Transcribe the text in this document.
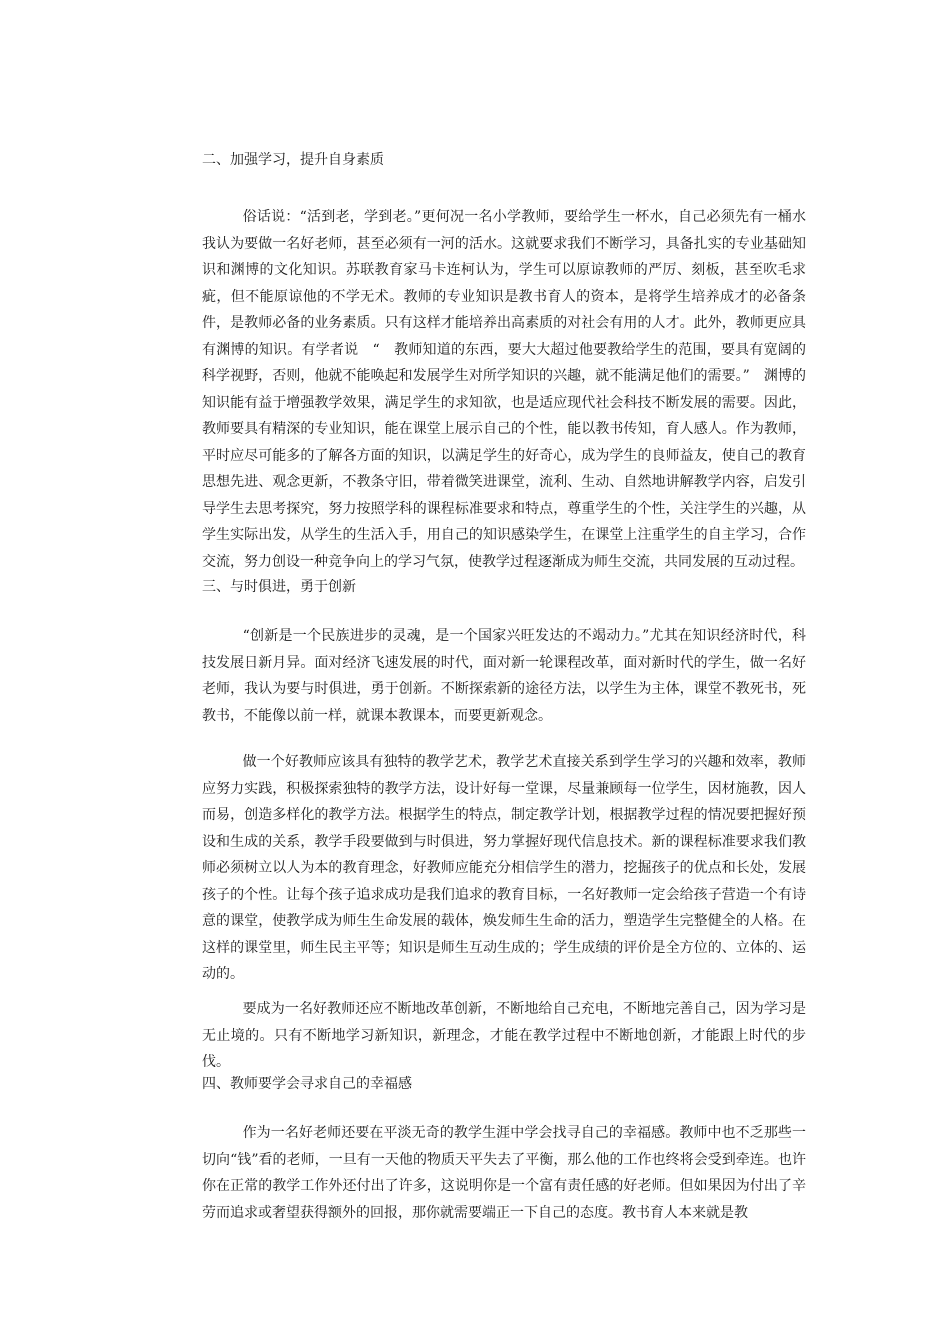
二、加强学习，提升自身素质

俗话说：“活到老，学到老。”更何况一名小学教师，要给学生一杯水，自己必须先有一桶水我认为要做一名好老师，甚至必须有一河的活水。这就要求我们不断学习，具备扎实的专业基础知识和渊博的文化知识。苏联教育家马卡连柯认为，学生可以原谅教师的严厉、刻板，甚至吹毛求疵，但不能原谅他的不学无术。教师的专业知识是教书育人的资本，是将学生培养成才的必备条件，是教师必备的业务素质。只有这样才能培养出高素质的对社会有用的人才。此外，教师更应具有渊博的知识。有学者说　“　教师知道的东西，要大大超过他要教给学生的范围，要具有宽阔的科学视野，否则，他就不能唤起和发展学生对所学知识的兴趣，就不能满足他们的需要。”　渊博的知识能有益于增强教学效果，满足学生的求知欲，也是适应现代社会科技不断发展的需要。因此，教师要具有精深的专业知识，能在课堂上展示自己的个性，能以教书传知，育人感人。作为教师，平时应尽可能多的了解各方面的知识，以满足学生的好奇心，成为学生的良师益友，使自己的教育思想先进、观念更新，不教条守旧，带着微笑进课堂，流利、生动、自然地讲解教学内容，启发引导学生去思考探究，努力按照学科的课程标准要求和特点，尊重学生的个性，关注学生的兴趣，从学生实际出发，从学生的生活入手，用自己的知识感染学生，在课堂上注重学生的自主学习，合作交流，努力创设一种竞争向上的学习气氛，使教学过程逐渐成为师生交流，共同发展的互动过程。

三、与时俱进，勇于创新

“创新是一个民族进步的灵魂，是一个国家兴旺发达的不竭动力。”尤其在知识经济时代，科技发展日新月异。面对经济飞速发展的时代，面对新一轮课程改革，面对新时代的学生，做一名好老师，我认为要与时俱进，勇于创新。不断探索新的途径方法，以学生为主体，课堂不教死书，死教书，不能像以前一样，就课本教课本，而要更新观念。

做一个好教师应该具有独特的教学艺术，教学艺术直接关系到学生学习的兴趣和效率，教师应努力实践，积极探索独特的教学方法，设计好每一堂课，尽量兼顾每一位学生，因材施教，因人而易，创造多样化的教学方法。根据学生的特点，制定教学计划，根据教学过程的情况要把握好预设和生成的关系，教学手段要做到与时俱进，努力掌握好现代信息技术。新的课程标准要求我们教师必须树立以人为本的教育理念，好教师应能充分相信学生的潜力，挖掘孩子的优点和长处，发展孩子的个性。让每个孩子追求成功是我们追求的教育目标，一名好教师一定会给孩子营造一个有诗意的课堂，使教学成为师生生命发展的载体，焕发师生生命的活力，塑造学生完整健全的人格。在这样的课堂里，师生民主平等；知识是师生互动生成的；学生成绩的评价是全方位的、立体的、运动的。

要成为一名好教师还应不断地改革创新，不断地给自己充电，不断地完善自己，因为学习是无止境的。只有不断地学习新知识，新理念，才能在教学过程中不断地创新，才能跟上时代的步伐。

四、教师要学会寻求自己的幸福感

作为一名好老师还要在平淡无奇的教学生涯中学会找寻自己的幸福感。教师中也不乏那些一切向“钱”看的老师，一旦有一天他的物质天平失去了平衡，那么他的工作也终将会受到牵连。也许你在正常的教学工作外还付出了许多，这说明你是一个富有责任感的好老师。但如果因为付出了辛劳而追求或奢望获得额外的回报，那你就需要端正一下自己的态度。教书育人本来就是教
